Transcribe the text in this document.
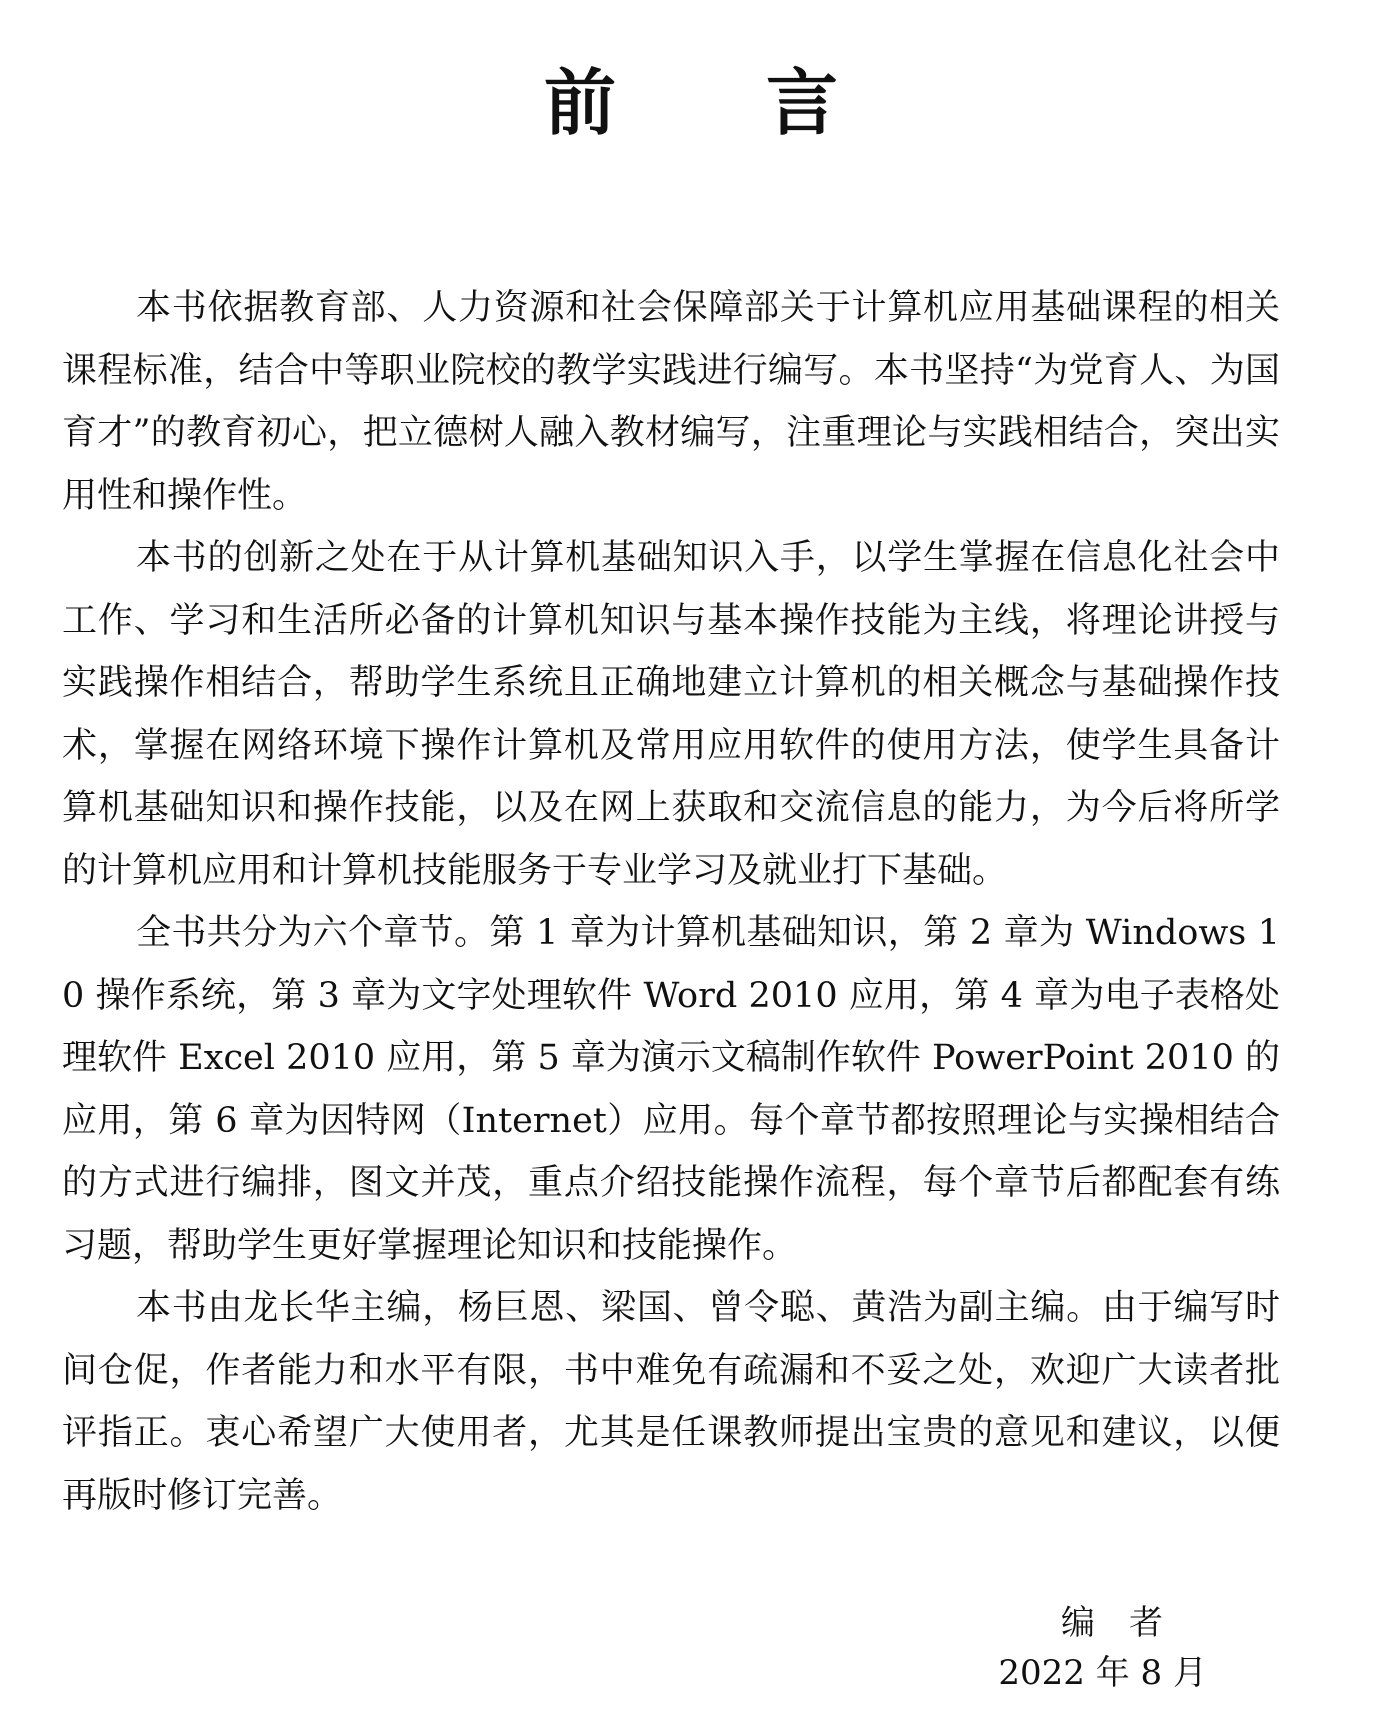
前 言

本书依据教育部、人力资源和社会保障部关于计算机应用基础课程的相关课程标准，结合中等职业院校的教学实践进行编写。本书坚持“为党育人、为国育才”的教育初心，把立德树人融入教材编写，注重理论与实践相结合，突出实用性和操作性。

本书的创新之处在于从计算机基础知识入手，以学生掌握在信息化社会中工作、学习和生活所必备的计算机知识与基本操作技能为主线，将理论讲授与实践操作相结合，帮助学生系统且正确地建立计算机的相关概念与基础操作技术，掌握在网络环境下操作计算机及常用应用软件的使用方法，使学生具备计算机基础知识和操作技能，以及在网上获取和交流信息的能力，为今后将所学的计算机应用和计算机技能服务于专业学习及就业打下基础。

全书共分为六个章节。第 1 章为计算机基础知识，第 2 章为 Windows 10 操作系统，第 3 章为文字处理软件 Word 2010 应用，第 4 章为电子表格处理软件 Excel 2010 应用，第 5 章为演示文稿制作软件 PowerPoint 2010 的应用，第 6 章为因特网（Internet）应用。每个章节都按照理论与实操相结合的方式进行编排，图文并茂，重点介绍技能操作流程，每个章节后都配套有练习题，帮助学生更好掌握理论知识和技能操作。

本书由龙长华主编，杨巨恩、梁国、曾令聪、黄浩为副主编。由于编写时间仓促，作者能力和水平有限，书中难免有疏漏和不妥之处，欢迎广大读者批评指正。衷心希望广大使用者，尤其是任课教师提出宝贵的意见和建议，以便再版时修订完善。

编者
2022 年 8 月
